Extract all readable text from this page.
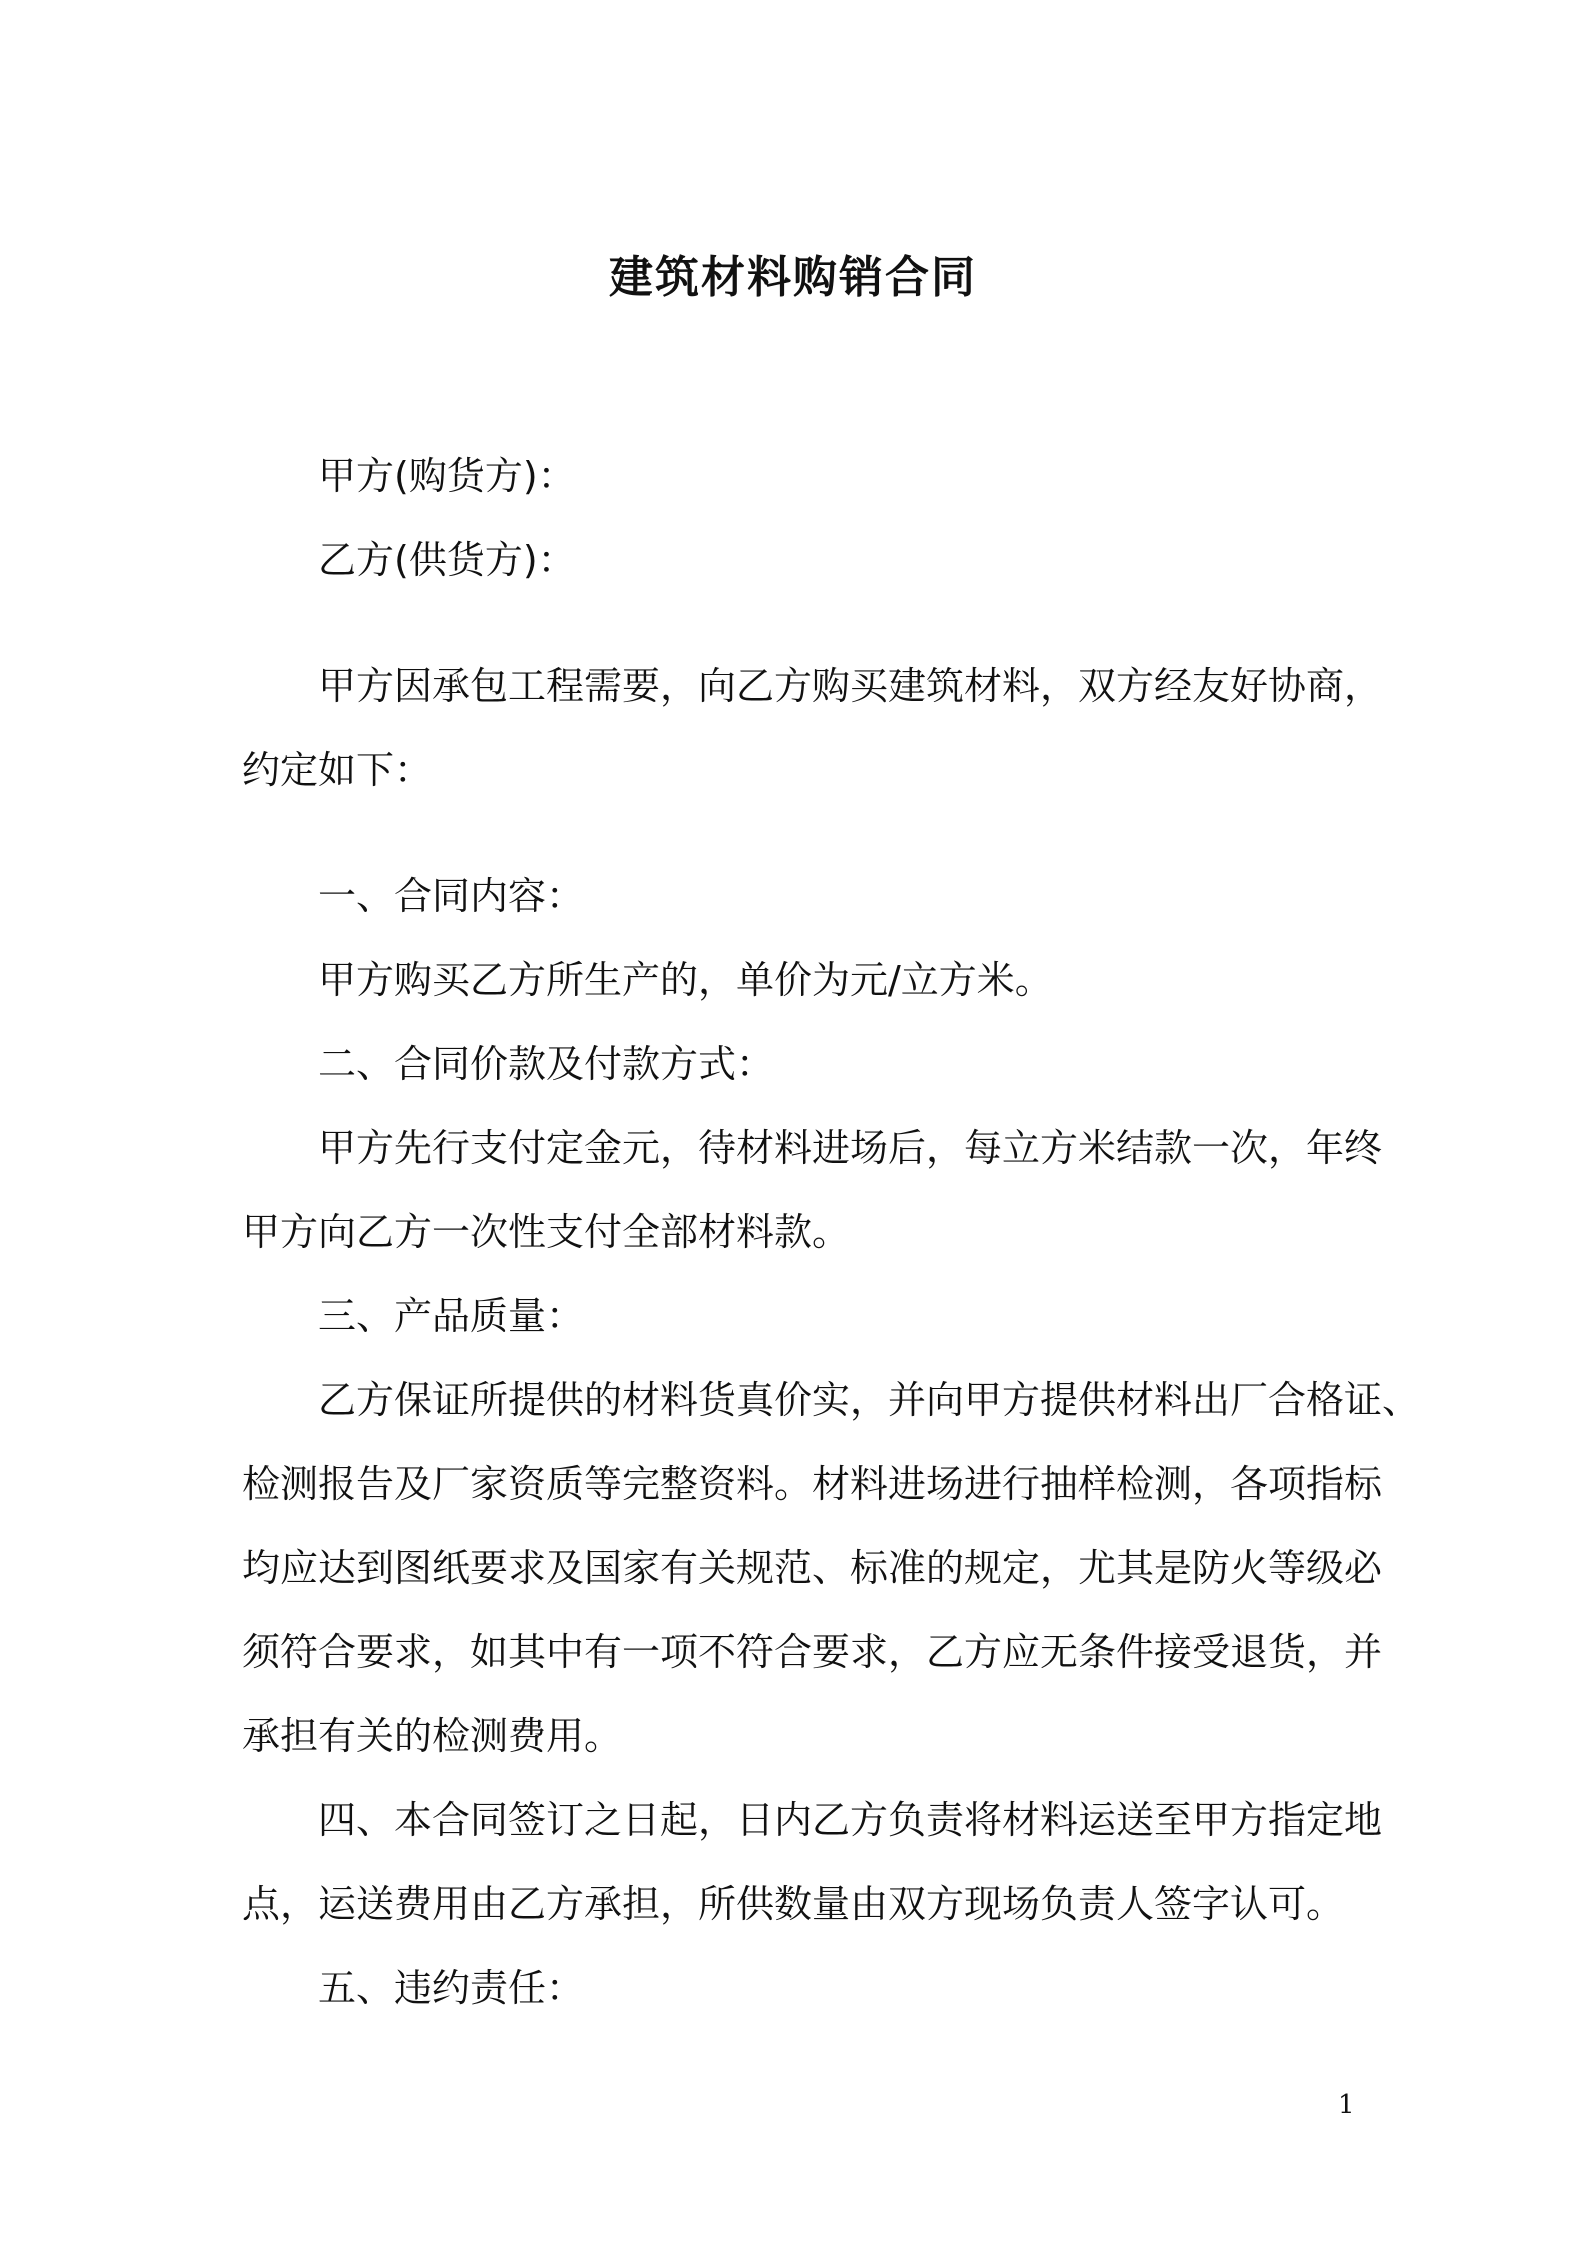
建筑材料购销合同
甲方(购货方)：
乙方(供货方)：
甲方因承包工程需要，向乙方购买建筑材料，双方经友好协商，
约定如下：
一、合同内容：
甲方购买乙方所生产的，单价为元/立方米。
二、合同价款及付款方式：
甲方先行支付定金元，待材料进场后，每立方米结款一次，年终
甲方向乙方一次性支付全部材料款。
三、产品质量：
乙方保证所提供的材料货真价实，并向甲方提供材料出厂合格证、
检测报告及厂家资质等完整资料。材料进场进行抽样检测，各项指标
均应达到图纸要求及国家有关规范、标准的规定，尤其是防火等级必
须符合要求，如其中有一项不符合要求，乙方应无条件接受退货，并
承担有关的检测费用。
四、本合同签订之日起，日内乙方负责将材料运送至甲方指定地
点，运送费用由乙方承担，所供数量由双方现场负责人签字认可。
五、违约责任：
1
